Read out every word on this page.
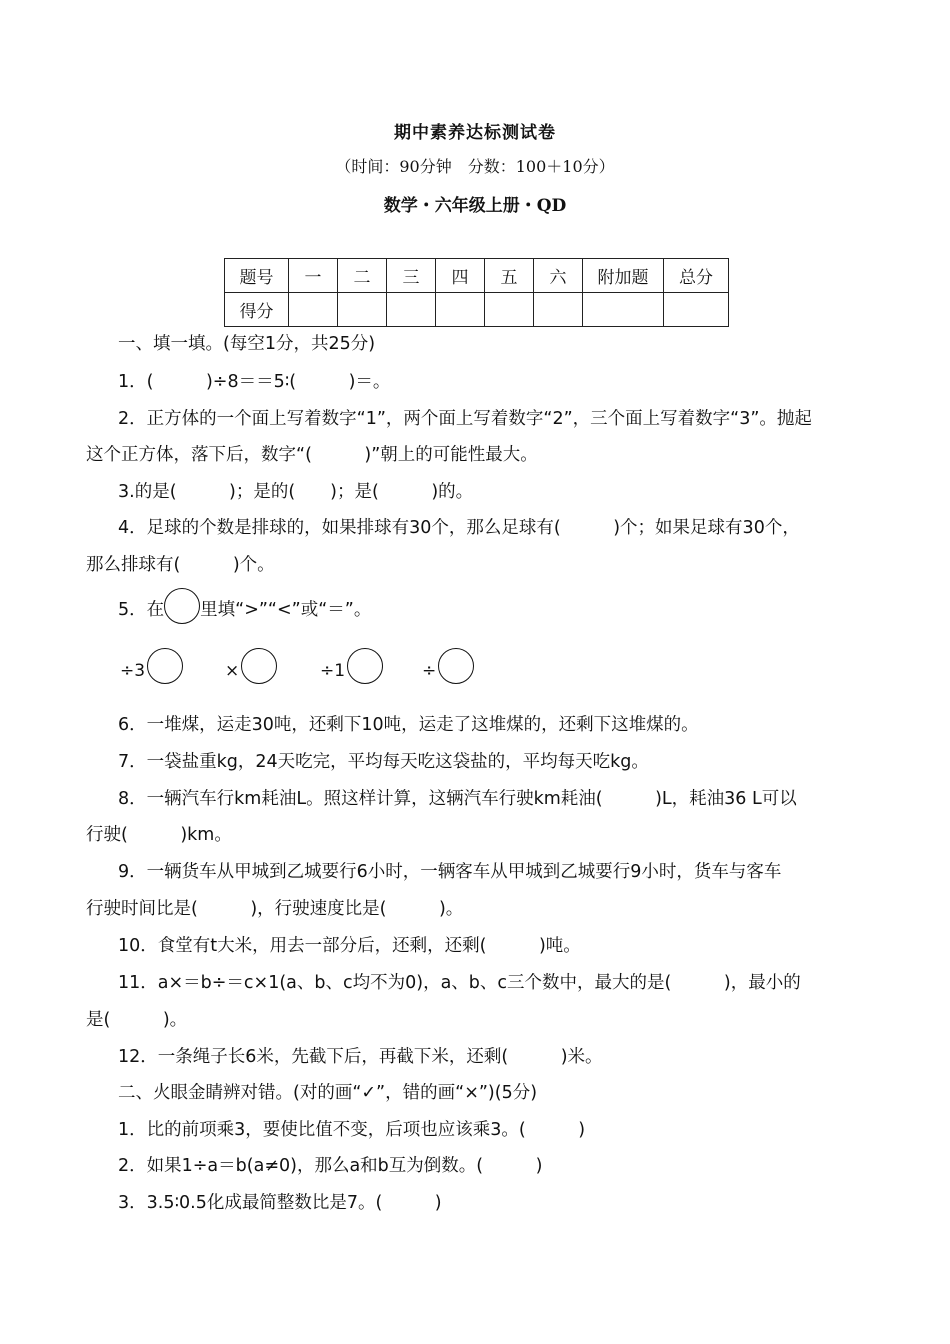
期中素养达标测试卷
（时间：90分钟　分数：100＋10分）
数学・六年级上册・QD
题号	一	二	三	四	五	六	附加题	总分
得分								
一、填一填。(每空1分，共25分)
1．(　　　)÷8＝＝5∶(　　　)＝。
2．正方体的一个面上写着数字“1”，两个面上写着数字“2”，三个面上写着数字“3”。抛起
这个正方体，落下后，数字“(　　　)”朝上的可能性最大。
3.的是(　　　)；是的(　　)；是(　　　)的。
4．足球的个数是排球的，如果排球有30个，那么足球有(　　　)个；如果足球有30个，
那么排球有(　　　)个。
5．在 里填“>”“<”或“＝”。
÷3	×	÷1	÷
6．一堆煤，运走30吨，还剩下10吨，运走了这堆煤的，还剩下这堆煤的。
7．一袋盐重kg，24天吃完，平均每天吃这袋盐的，平均每天吃kg。
8．一辆汽车行km耗油L。照这样计算，这辆汽车行驶km耗油(　　　)L，耗油36 L可以
行驶(　　　)km。
9．一辆货车从甲城到乙城要行6小时，一辆客车从甲城到乙城要行9小时，货车与客车
行驶时间比是(　　　)，行驶速度比是(　　　)。
10．食堂有t大米，用去一部分后，还剩，还剩(　　　)吨。
11．a×＝b÷＝c×1(a、b、c均不为0)，a、b、c三个数中，最大的是(　　　)，最小的
是(　　　)。
12．一条绳子长6米，先截下后，再截下米，还剩(　　　)米。
二、火眼金睛辨对错。(对的画“✓”，错的画“×”)(5分)
1．比的前项乘3，要使比值不变，后项也应该乘3。(　　　)
2．如果1÷a＝b(a≠0)，那么a和b互为倒数。(　　　)
3．3.5∶0.5化成最简整数比是7。(　　　)
